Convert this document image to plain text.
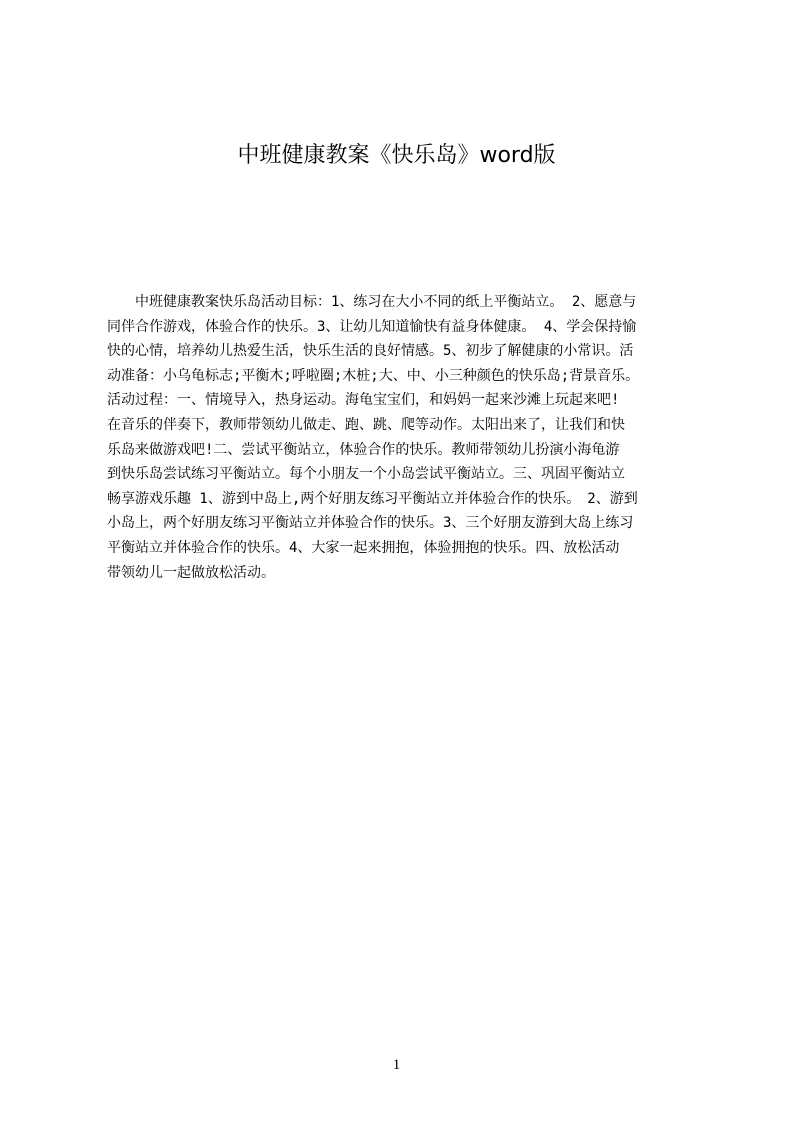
中班健康教案《快乐岛》word版
　　中班健康教案快乐岛活动目标：1、练习在大小不同的纸上平衡站立。 2、愿意与
同伴合作游戏，体验合作的快乐。3、让幼儿知道愉快有益身体健康。 4、学会保持愉
快的心情，培养幼儿热爱生活，快乐生活的良好情感。5、初步了解健康的小常识。活
动准备：小乌龟标志;平衡木;呼啦圈;木桩;大、中、小三种颜色的快乐岛;背景音乐。
活动过程：一、情境导入，热身运动。海龟宝宝们，和妈妈一起来沙滩上玩起来吧!
在音乐的伴奏下，教师带领幼儿做走、跑、跳、爬等动作。太阳出来了，让我们和快
乐岛来做游戏吧!二、尝试平衡站立，体验合作的快乐。教师带领幼儿扮演小海龟游
到快乐岛尝试练习平衡站立。每个小朋友一个小岛尝试平衡站立。三、巩固平衡站立
畅享游戏乐趣 1、游到中岛上,两个好朋友练习平衡站立并体验合作的快乐。　2、游到
小岛上，两个好朋友练习平衡站立并体验合作的快乐。3、三个好朋友游到大岛上练习
平衡站立并体验合作的快乐。4、大家一起来拥抱，体验拥抱的快乐。四、放松活动
带领幼儿一起做放松活动。
1
